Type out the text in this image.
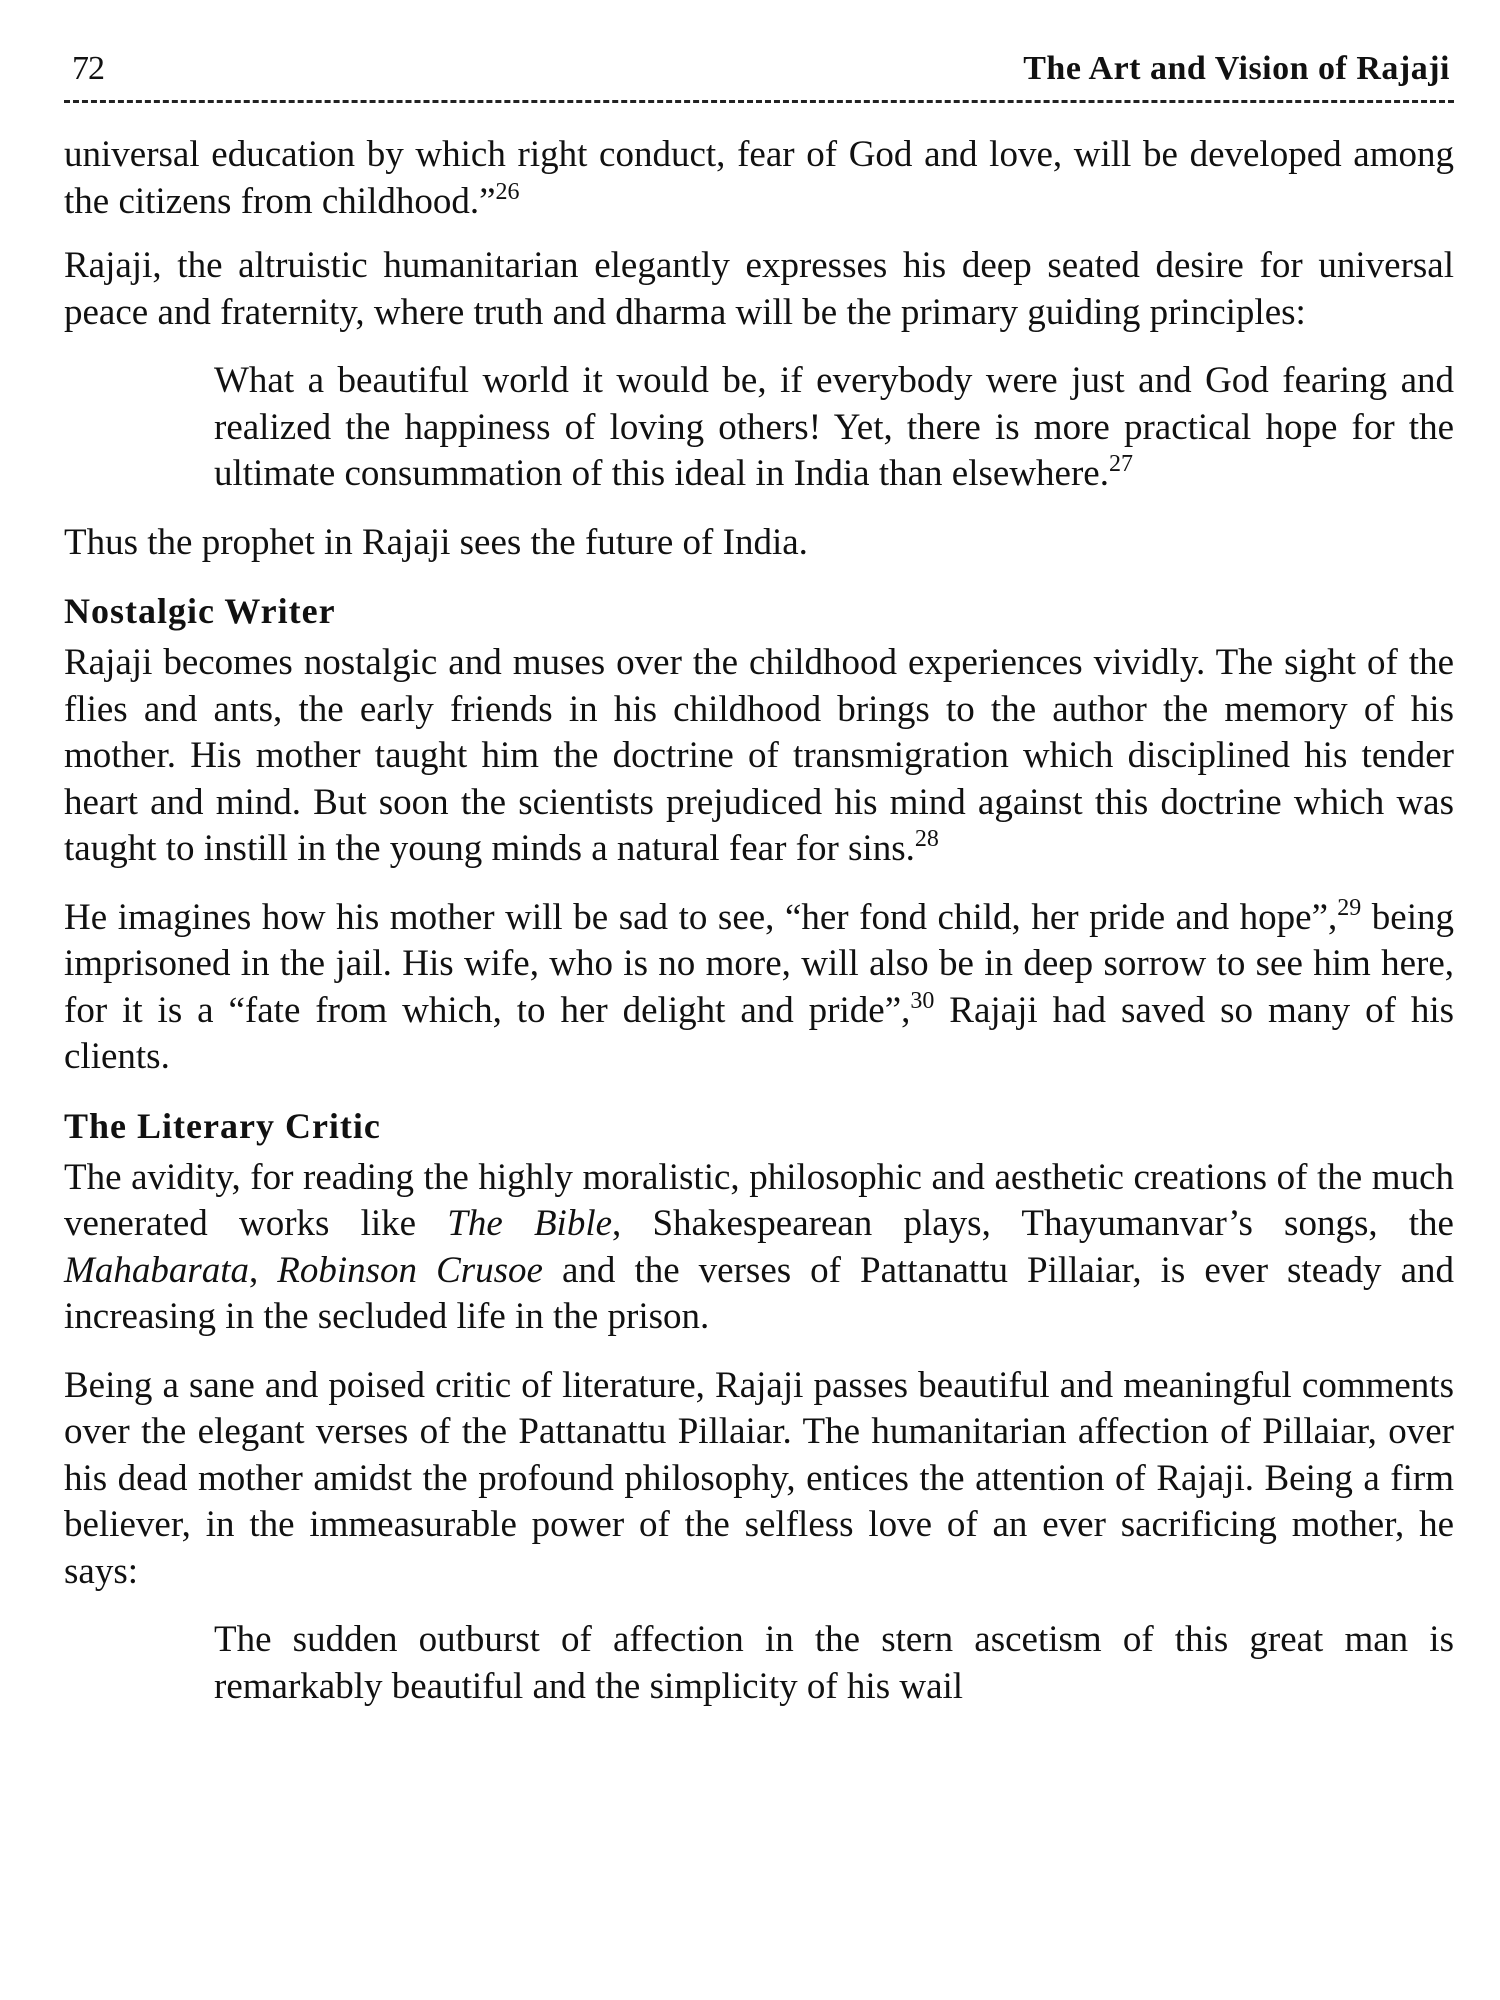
72	The Art and Vision of Rajaji

universal education by which right conduct, fear of God and love, will be developed among the citizens from childhood.”$^{26}$

Rajaji, the altruistic humanitarian elegantly expresses his deep seated desire for universal peace and fraternity, where truth and dharma will be the primary guiding principles:

What a beautiful world it would be, if everybody were just and God fearing and realized the happiness of loving others! Yet, there is more practical hope for the ultimate consummation of this ideal in India than elsewhere.$^{27}$

Thus the prophet in Rajaji sees the future of India.

Nostalgic Writer

Rajaji becomes nostalgic and muses over the childhood experiences vividly. The sight of the flies and ants, the early friends in his childhood brings to the author the memory of his mother. His mother taught him the doctrine of transmigration which disciplined his tender heart and mind. But soon the scientists prejudiced his mind against this doctrine which was taught to instill in the young minds a natural fear for sins.$^{28}$

He imagines how his mother will be sad to see, “her fond child, her pride and hope”,$^{29}$ being imprisoned in the jail. His wife, who is no more, will also be in deep sorrow to see him here, for it is a “fate from which, to her delight and pride”,$^{30}$ Rajaji had saved so many of his clients.

The Literary Critic

The avidity, for reading the highly moralistic, philosophic and aesthetic creations of the much venerated works like The Bible, Shakespearean plays, Thayumanvar’s songs, the Mahabarata, Robinson Crusoe and the verses of Pattanattu Pillaiar, is ever steady and increasing in the secluded life in the prison.

Being a sane and poised critic of literature, Rajaji passes beautiful and meaningful comments over the elegant verses of the Pattanattu Pillaiar. The humanitarian affection of Pillaiar, over his dead mother amidst the profound philosophy, entices the attention of Rajaji. Being a firm believer, in the immeasurable power of the selfless love of an ever sacrificing mother, he says:

The sudden outburst of affection in the stern ascetism of this great man is remarkably beautiful and the simplicity of his wail
